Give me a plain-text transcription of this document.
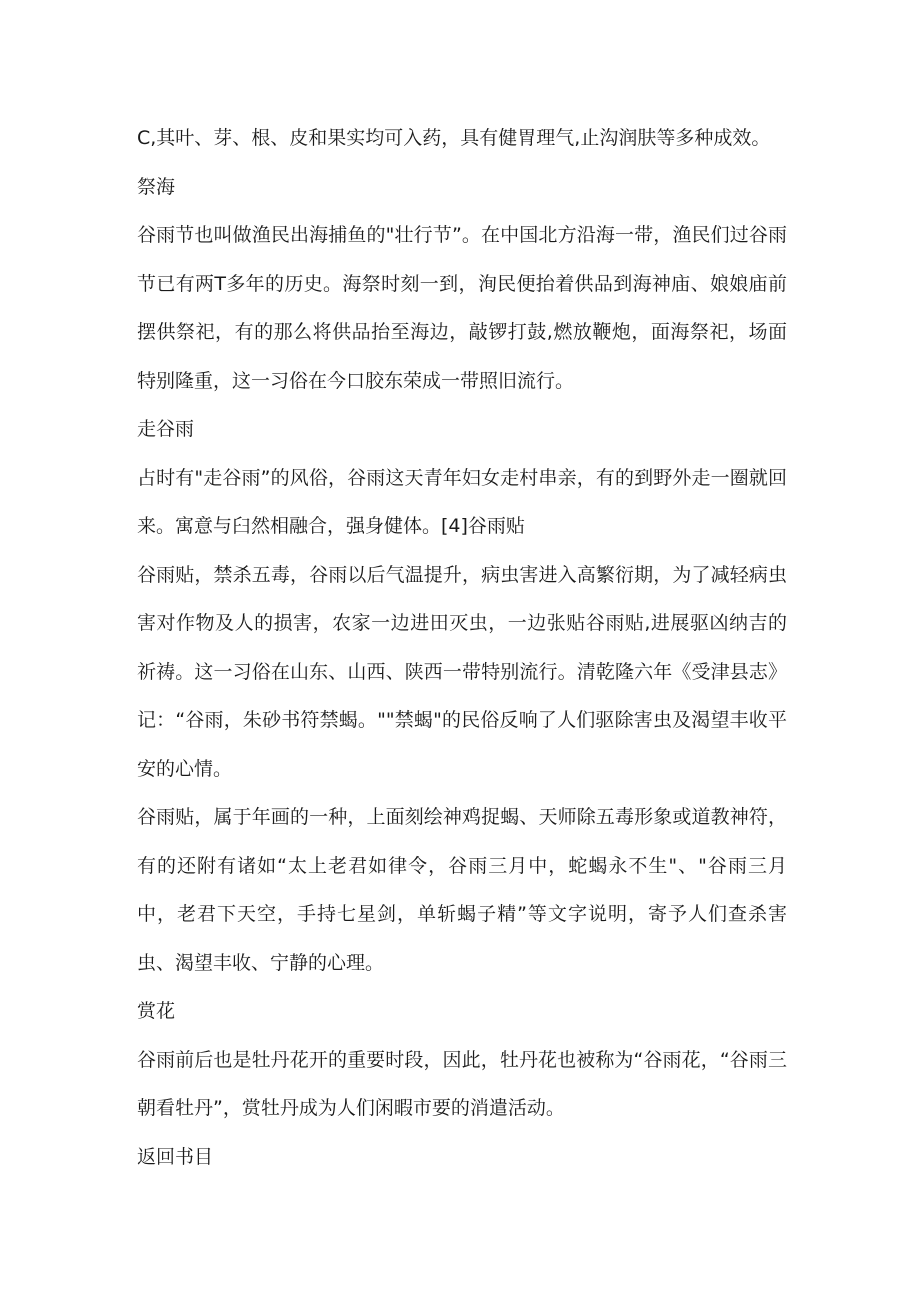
C,其叶、芽、根、皮和果实均可入药，具有健胃理气,止沟润肤等多种成效。

祭海

谷雨节也叫做渔民出海捕鱼的"壮行节”。在中国北方沿海一带，渔民们过谷雨节已有两T多年的历史。海祭时刻一到，洵民便抬着供品到海神庙、娘娘庙前摆供祭祀，有的那么将供品抬至海边，敲锣打鼓,燃放鞭炮，面海祭祀，场面特别隆重，这一习俗在今口胶东荣成一带照旧流行。

走谷雨

占时有"走谷雨”的风俗，谷雨这天青年妇女走村串亲，有的到野外走一圈就回来。寓意与臼然相融合，强身健体。[4]谷雨贴

谷雨贴，禁杀五毒，谷雨以后气温提升，病虫害进入高繁衍期，为了减轻病虫害对作物及人的损害，农家一边进田灭虫，一边张贴谷雨贴,进展驱凶纳吉的祈祷。这一习俗在山东、山西、陕西一带特别流行。清乾隆六年《受津县志》记：“谷雨，朱砂书符禁蝎。""禁蝎"的民俗反响了人们驱除害虫及渴望丰收平安的心情。

谷雨贴，属于年画的一种，上面刻绘神鸡捉蝎、天师除五毒形象或道教神符，有的还附有诸如“太上老君如律令，谷雨三月中，蛇蝎永不生"、"谷雨三月中，老君下天空，手持七星剑，单斩蝎子精”等文字说明，寄予人们查杀害虫、渴望丰收、宁静的心理。

赏花

谷雨前后也是牡丹花开的重要时段，因此，牡丹花也被称为“谷雨花，“谷雨三朝看牡丹”，赏牡丹成为人们闲暇市要的消遣活动。

返回书目
